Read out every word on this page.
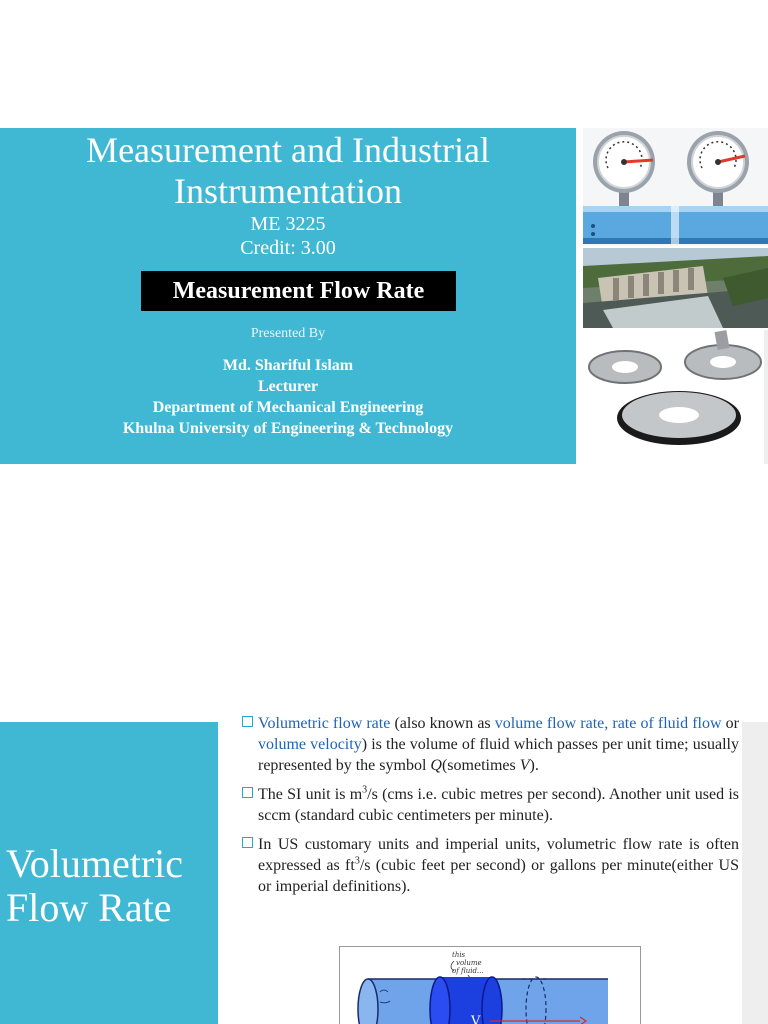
Measurement and Industrial
Instrumentation
ME 3225
Credit: 3.00
Measurement Flow Rate
Presented By
Md. Shariful Islam
Lecturer
Department of Mechanical Engineering
Khulna University of Engineering & Technology
Volumetric
Flow Rate
Volumetric flow rate (also known as volume flow rate, rate of fluid flow or volume velocity) is the volume of fluid which passes per unit time; usually represented by the symbol Q(sometimes V).
The SI unit is $m^3/s$ (cms i.e. cubic metres per second). Another unit used is sccm (standard cubic centimeters per minute).
In US customary units and imperial units, volumetric flow rate is often expressed as $ft^3/s$ (cubic feet per second) or gallons per minute(either US or imperial definitions).
this
volume
of fluid...
V
